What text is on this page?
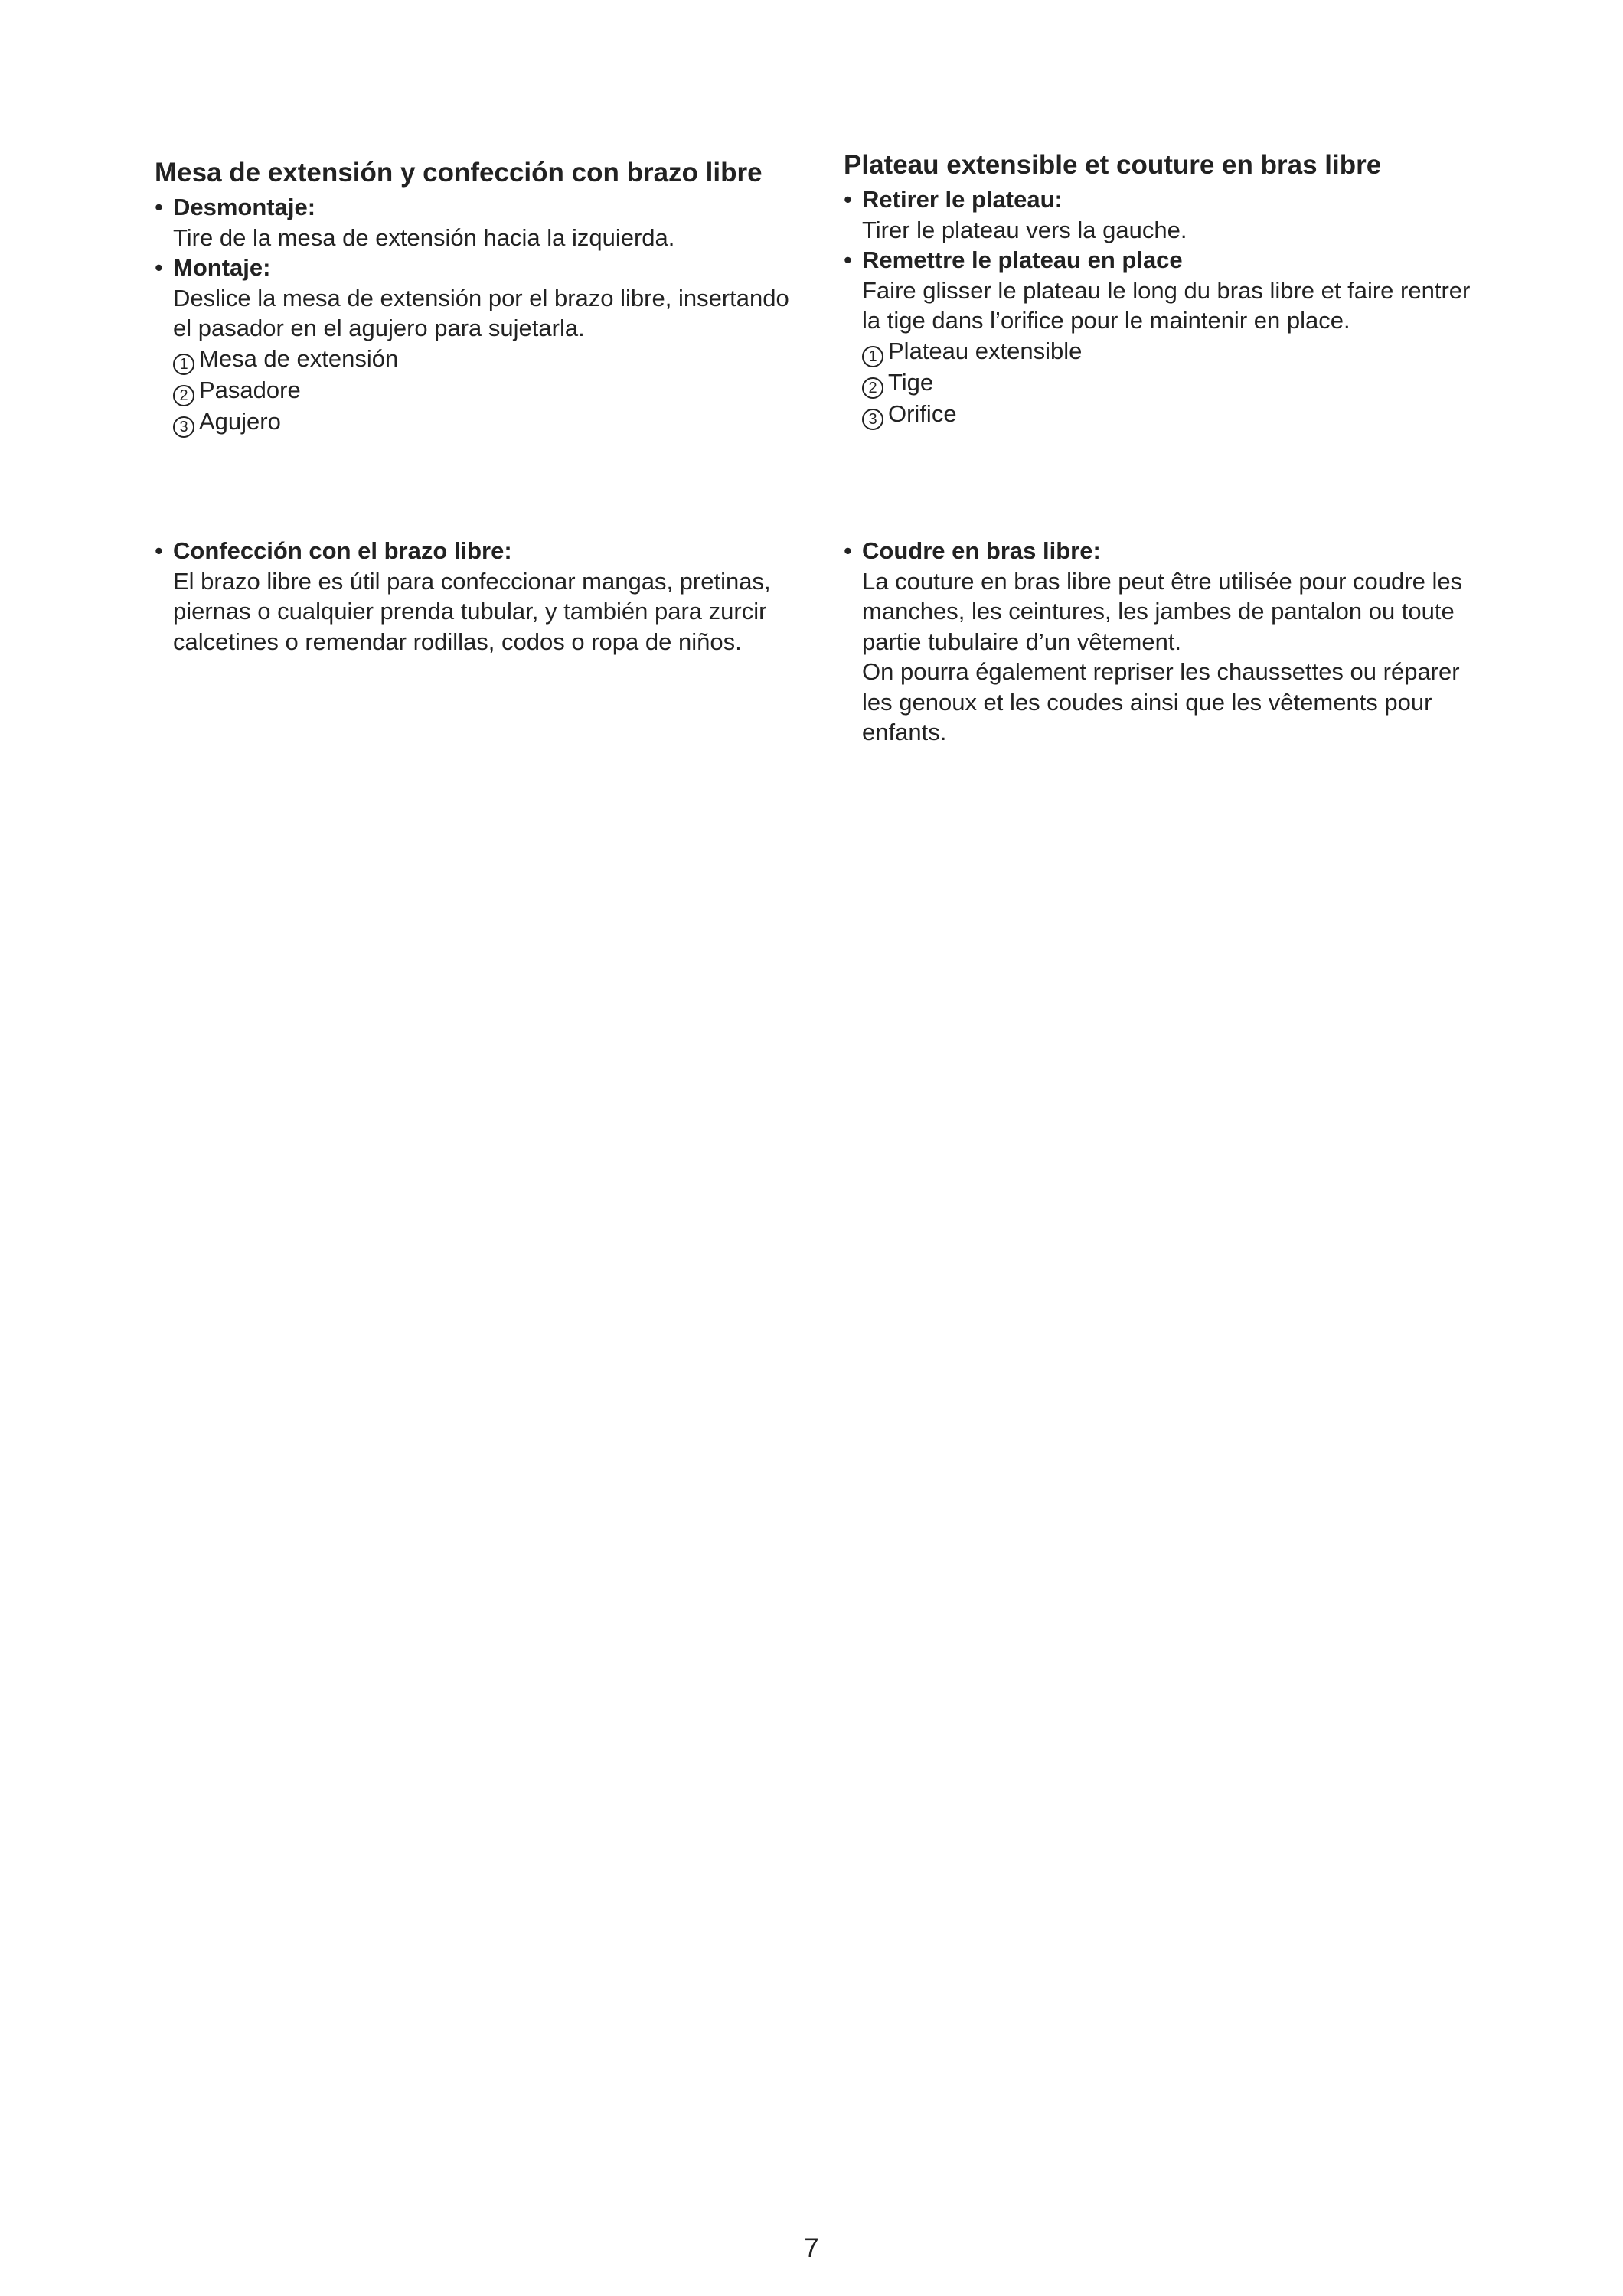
Mesa de extensión y confección con brazo libre
• Desmontaje:
Tire de la mesa de extensión hacia la izquierda.
• Montaje:
Deslice la mesa de extensión por el brazo libre, insertando
el pasador en el agujero para sujetarla.
1 Mesa de extensión
2 Pasadore
3 Agujero
Plateau extensible et couture en bras libre
• Retirer le plateau:
Tirer le plateau vers la gauche.
• Remettre le plateau en place
Faire glisser le plateau le long du bras libre et faire rentrer
la tige dans l’orifice pour le maintenir en place.
1 Plateau extensible
2 Tige
3 Orifice
• Confección con el brazo libre:
El brazo libre es útil para confeccionar mangas, pretinas,
piernas o cualquier prenda tubular, y también para zurcir
calcetines o remendar rodillas, codos o ropa de niños.
• Coudre en bras libre:
La couture en bras libre peut être utilisée pour coudre les
manches, les ceintures, les jambes de pantalon ou toute
partie tubulaire d’un vêtement.
On pourra également repriser les chaussettes ou réparer
les genoux et les coudes ainsi que les vêtements pour
enfants.
7
